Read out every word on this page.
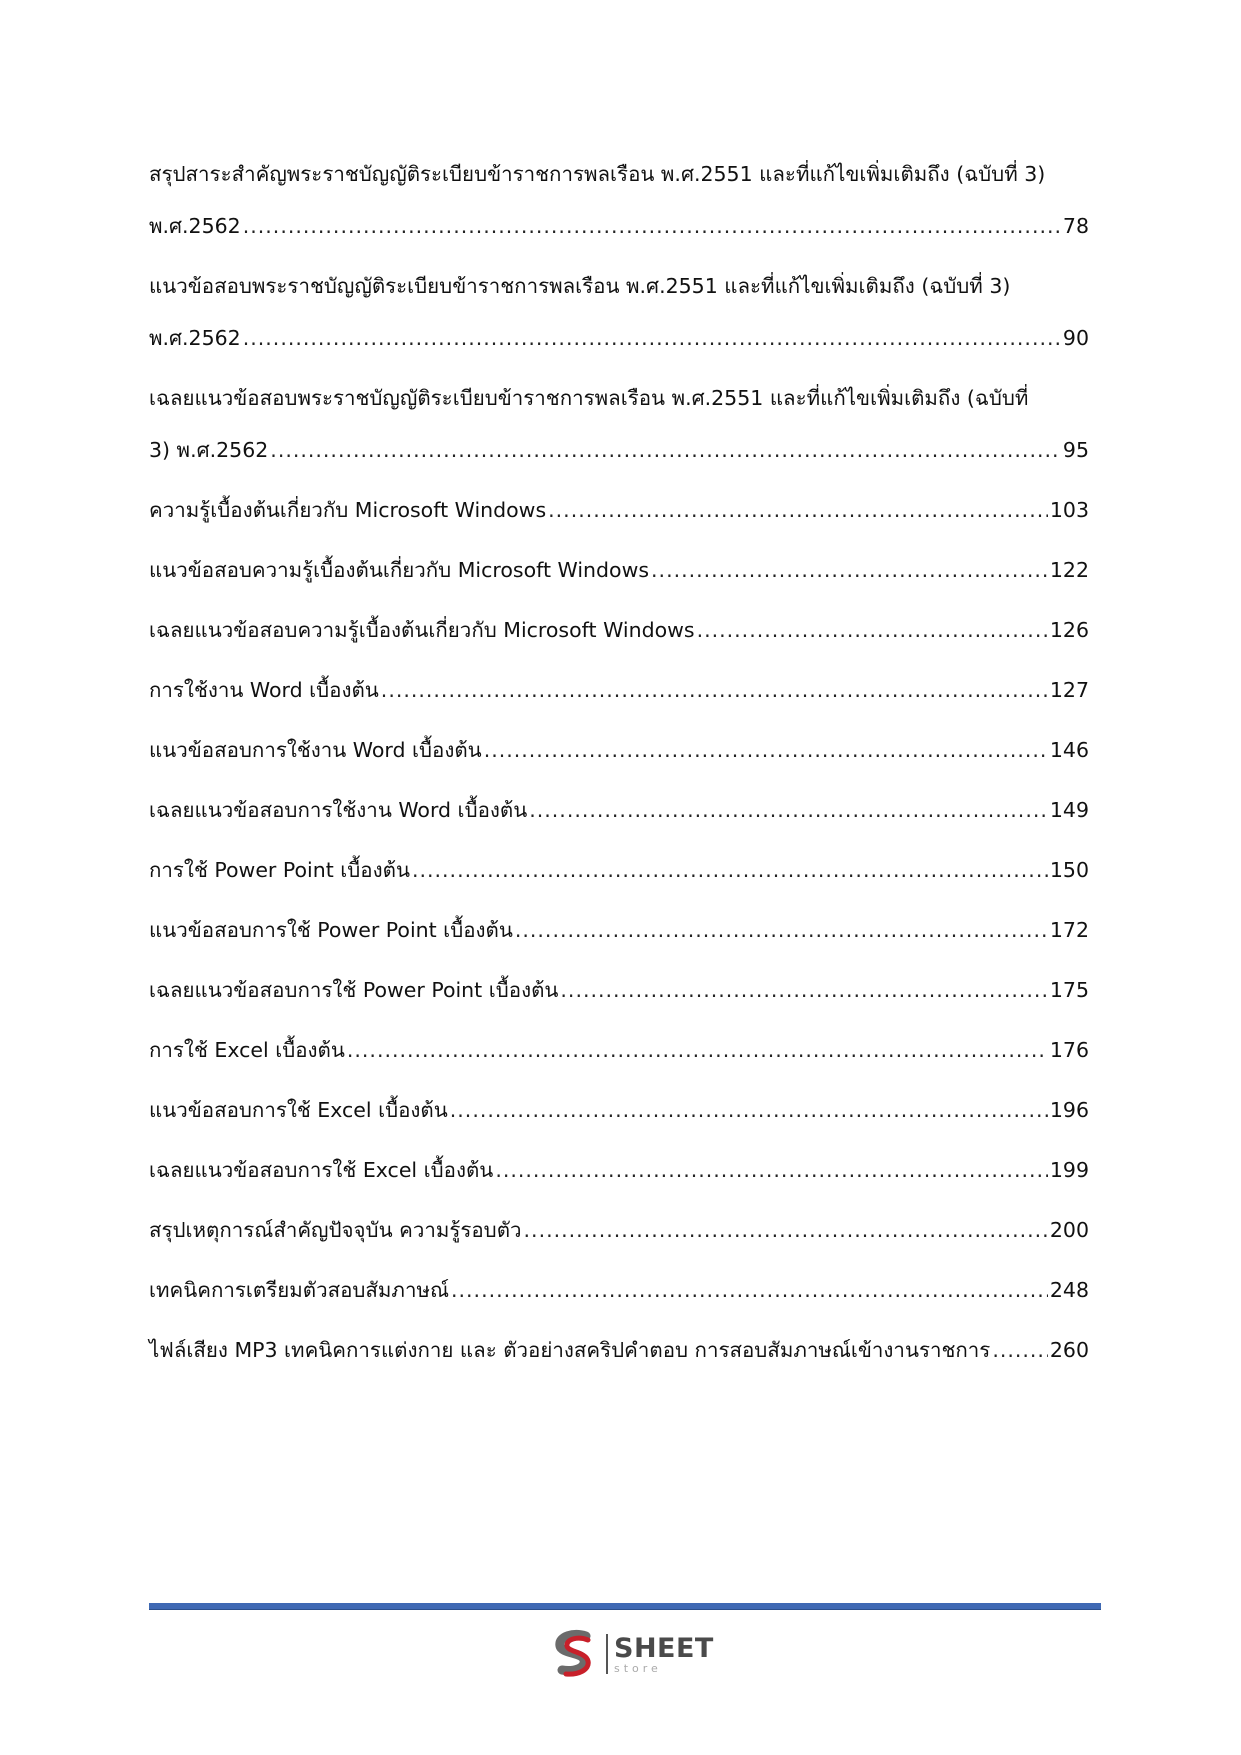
สรุปสาระสำคัญพระราชบัญญัติระเบียบข้าราชการพลเรือน พ.ศ.2551 และที่แก้ไขเพิ่มเติมถึง (ฉบับที่ 3)
พ.ศ.2562 .....	78
แนวข้อสอบพระราชบัญญัติระเบียบข้าราชการพลเรือน พ.ศ.2551 และที่แก้ไขเพิ่มเติมถึง (ฉบับที่ 3)
พ.ศ.2562 .....	90
เฉลยแนวข้อสอบพระราชบัญญัติระเบียบข้าราชการพลเรือน พ.ศ.2551 และที่แก้ไขเพิ่มเติมถึง (ฉบับที่
3) พ.ศ.2562 .....	95
ความรู้เบื้องต้นเกี่ยวกับ Microsoft Windows .....	103
แนวข้อสอบความรู้เบื้องต้นเกี่ยวกับ Microsoft Windows .....	122
เฉลยแนวข้อสอบความรู้เบื้องต้นเกี่ยวกับ Microsoft Windows .....	126
การใช้งาน Word เบื้องต้น .....	127
แนวข้อสอบการใช้งาน Word เบื้องต้น .....	146
เฉลยแนวข้อสอบการใช้งาน Word เบื้องต้น .....	149
การใช้ Power Point เบื้องต้น .....	150
แนวข้อสอบการใช้ Power Point เบื้องต้น .....	172
เฉลยแนวข้อสอบการใช้ Power Point เบื้องต้น .....	175
การใช้ Excel เบื้องต้น .....	176
แนวข้อสอบการใช้ Excel เบื้องต้น .....	196
เฉลยแนวข้อสอบการใช้ Excel เบื้องต้น .....	199
สรุปเหตุการณ์สำคัญปัจจุบัน ความรู้รอบตัว .....	200
เทคนิคการเตรียมตัวสอบสัมภาษณ์ .....	248
ไฟล์เสียง MP3 เทคนิคการแต่งกาย และ ตัวอย่างสคริปคำตอบ การสอบสัมภาษณ์เข้างานราชการ .....	260
SHEET
store
